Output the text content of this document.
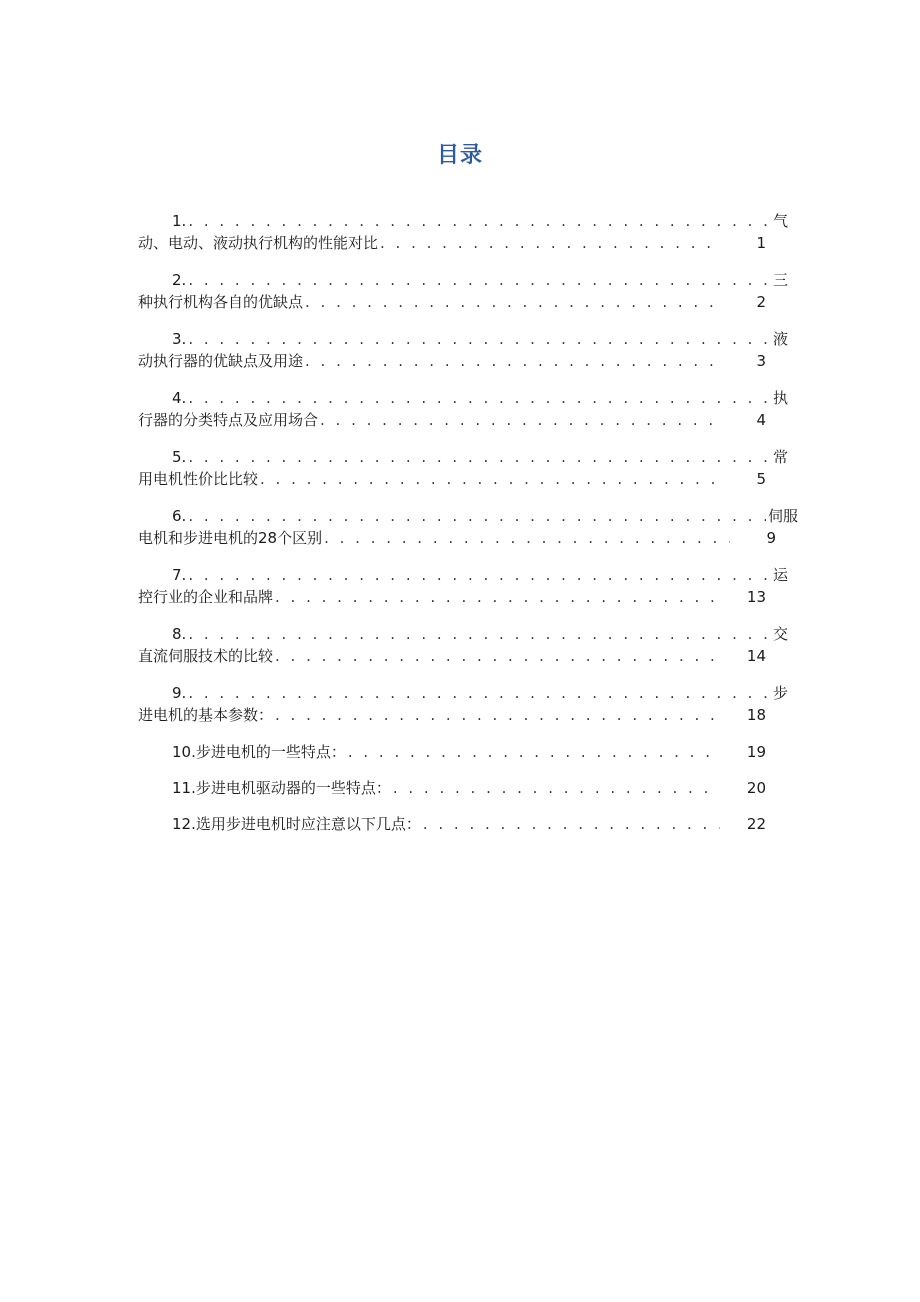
目录
1. . . .	气
动、电动、液动执行机构的性能对比 . . .	1
2. . . .	三
种执行机构各自的优缺点 . . .	2
3. . . .	液
动执行器的优缺点及用途 . . .	3
4. . . .	执
行器的分类特点及应用场合 . . .	4
5. . . .	常
用电机性价比比较 . . .	5
6. . . .	伺服
电机和步进电机的28个区别 . . .	9
7. . . .	运
控行业的企业和品牌 . . .	13
8. . . .	交
直流伺服技术的比较 . . .	14
9. . . .	步
进电机的基本参数： . . .	18
10.步进电机的一些特点： . . .	19
11.步进电机驱动器的一些特点： . . .	20
12.选用步进电机时应注意以下几点： . . .	22
